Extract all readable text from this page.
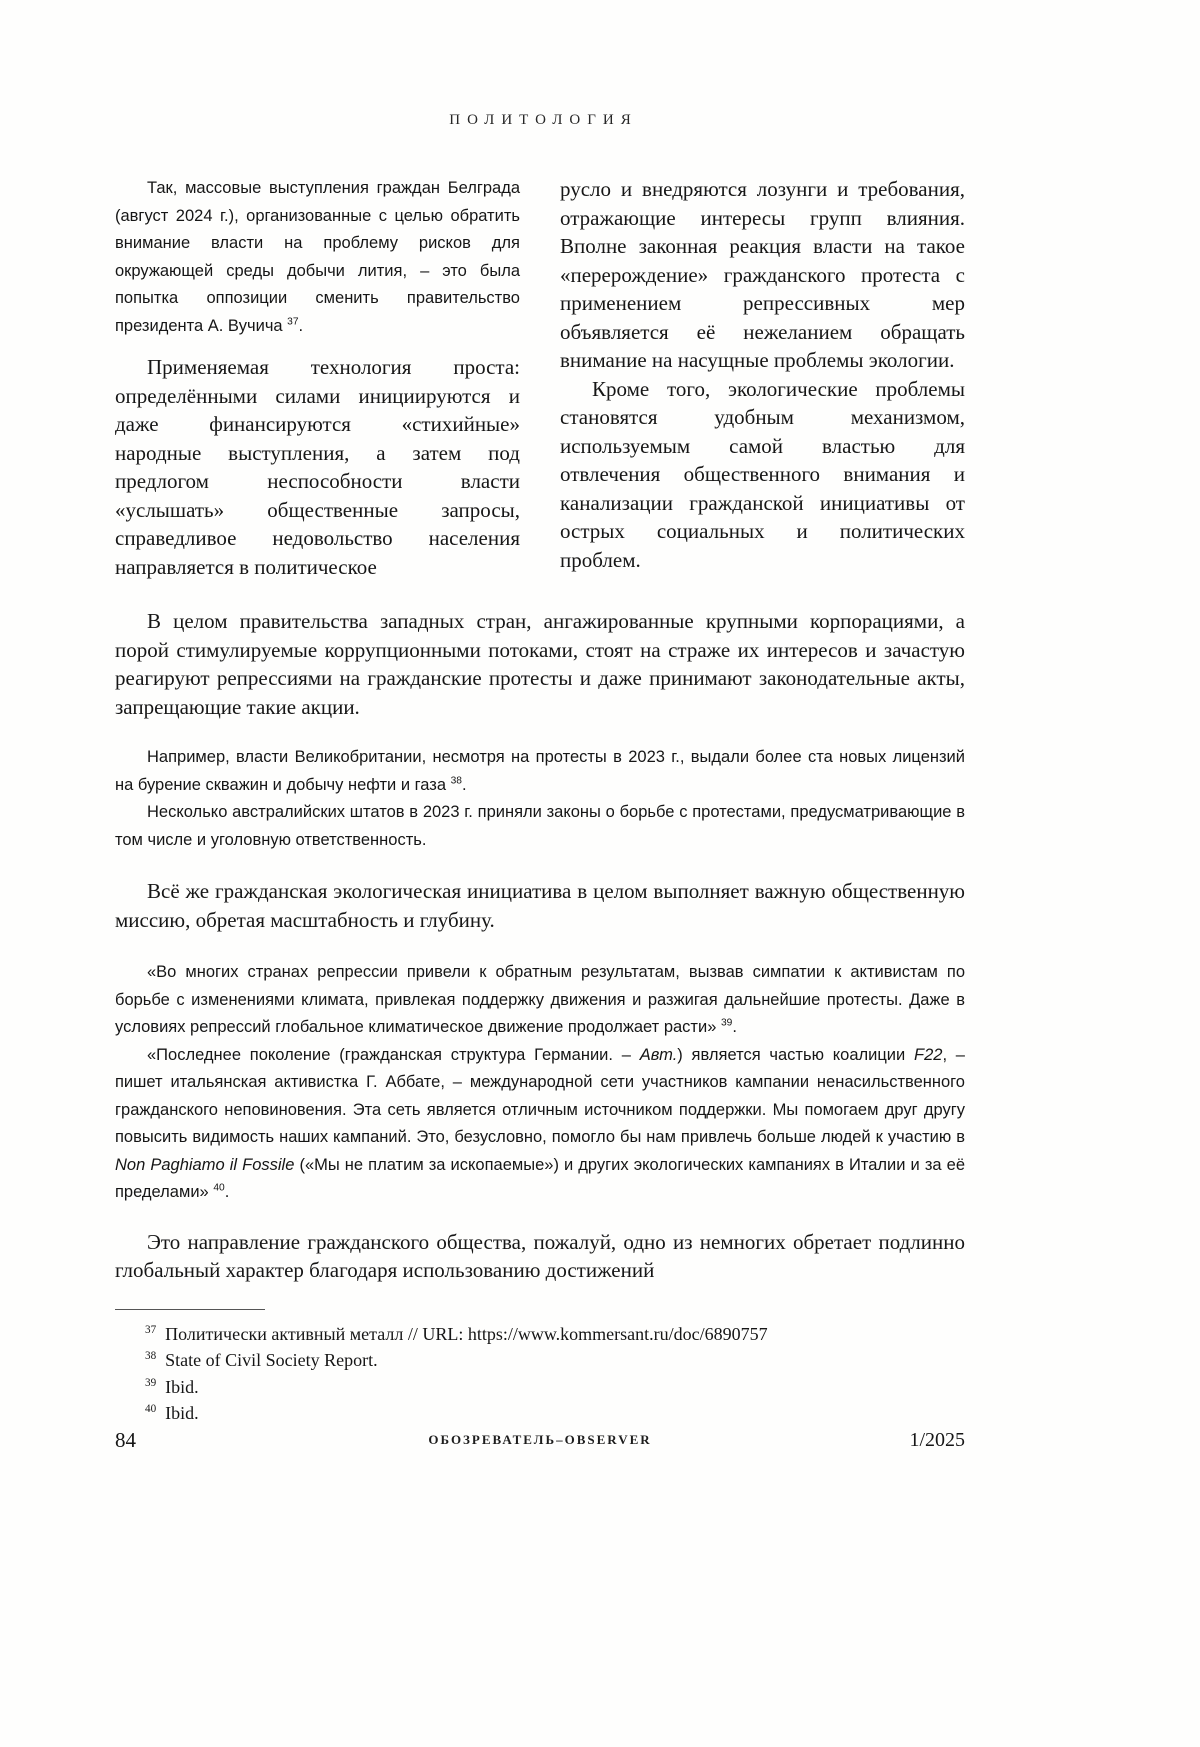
ПОЛИТОЛОГИЯ

Так, массовые выступления граждан Белграда (август 2024 г.), организованные с целью обратить внимание власти на проблему рисков для окружающей среды добычи лития, – это была попытка оппозиции сменить правительство президента А. Вучича $^{37}$.

Применяемая технология проста: определёнными силами инициируются и даже финансируются «стихийные» народные выступления, а затем под предлогом неспособности власти «услышать» общественные запросы, справедливое недовольство населения направляется в политическое

русло и внедряются лозунги и требования, отражающие интересы групп влияния. Вполне законная реакция власти на такое «перерождение» гражданского протеста с применением репрессивных мер объявляется её нежеланием обращать внимание на насущные проблемы экологии.

Кроме того, экологические проблемы становятся удобным механизмом, используемым самой властью для отвлечения общественного внимания и канализации гражданской инициативы от острых социальных и политических проблем.

В целом правительства западных стран, ангажированные крупными корпорациями, а порой стимулируемые коррупционными потоками, стоят на страже их интересов и зачастую реагируют репрессиями на гражданские протесты и даже принимают законодательные акты, запрещающие такие акции.

Например, власти Великобритании, несмотря на протесты в 2023 г., выдали более ста новых лицензий на бурение скважин и добычу нефти и газа $^{38}$.

Несколько австралийских штатов в 2023 г. приняли законы о борьбе с протестами, предусматривающие в том числе и уголовную ответственность.

Всё же гражданская экологическая инициатива в целом выполняет важную общественную миссию, обретая масштабность и глубину.

«Во многих странах репрессии привели к обратным результатам, вызвав симпатии к активистам по борьбе с изменениями климата, привлекая поддержку движения и разжигая дальнейшие протесты. Даже в условиях репрессий глобальное климатическое движение продолжает расти» $^{39}$.

«Последнее поколение (гражданская структура Германии. – Авт.) является частью коалиции F22, – пишет итальянская активистка Г. Аббате, – международной сети участников кампании ненасильственного гражданского неповиновения. Эта сеть является отличным источником поддержки. Мы помогаем друг другу повысить видимость наших кампаний. Это, безусловно, помогло бы нам привлечь больше людей к участию в Non Paghiamo il Fossile («Мы не платим за ископаемые») и других экологических кампаниях в Италии и за её пределами» $^{40}$.

Это направление гражданского общества, пожалуй, одно из немногих обретает подлинно глобальный характер благодаря использованию достижений

$^{37}$ Политически активный металл // URL: https://www.kommersant.ru/doc/6890757

$^{38}$ State of Civil Society Report.

$^{39}$ Ibid.

$^{40}$ Ibid.

84	ОБОЗРЕВАТЕЛЬ–OBSERVER	1/2025
